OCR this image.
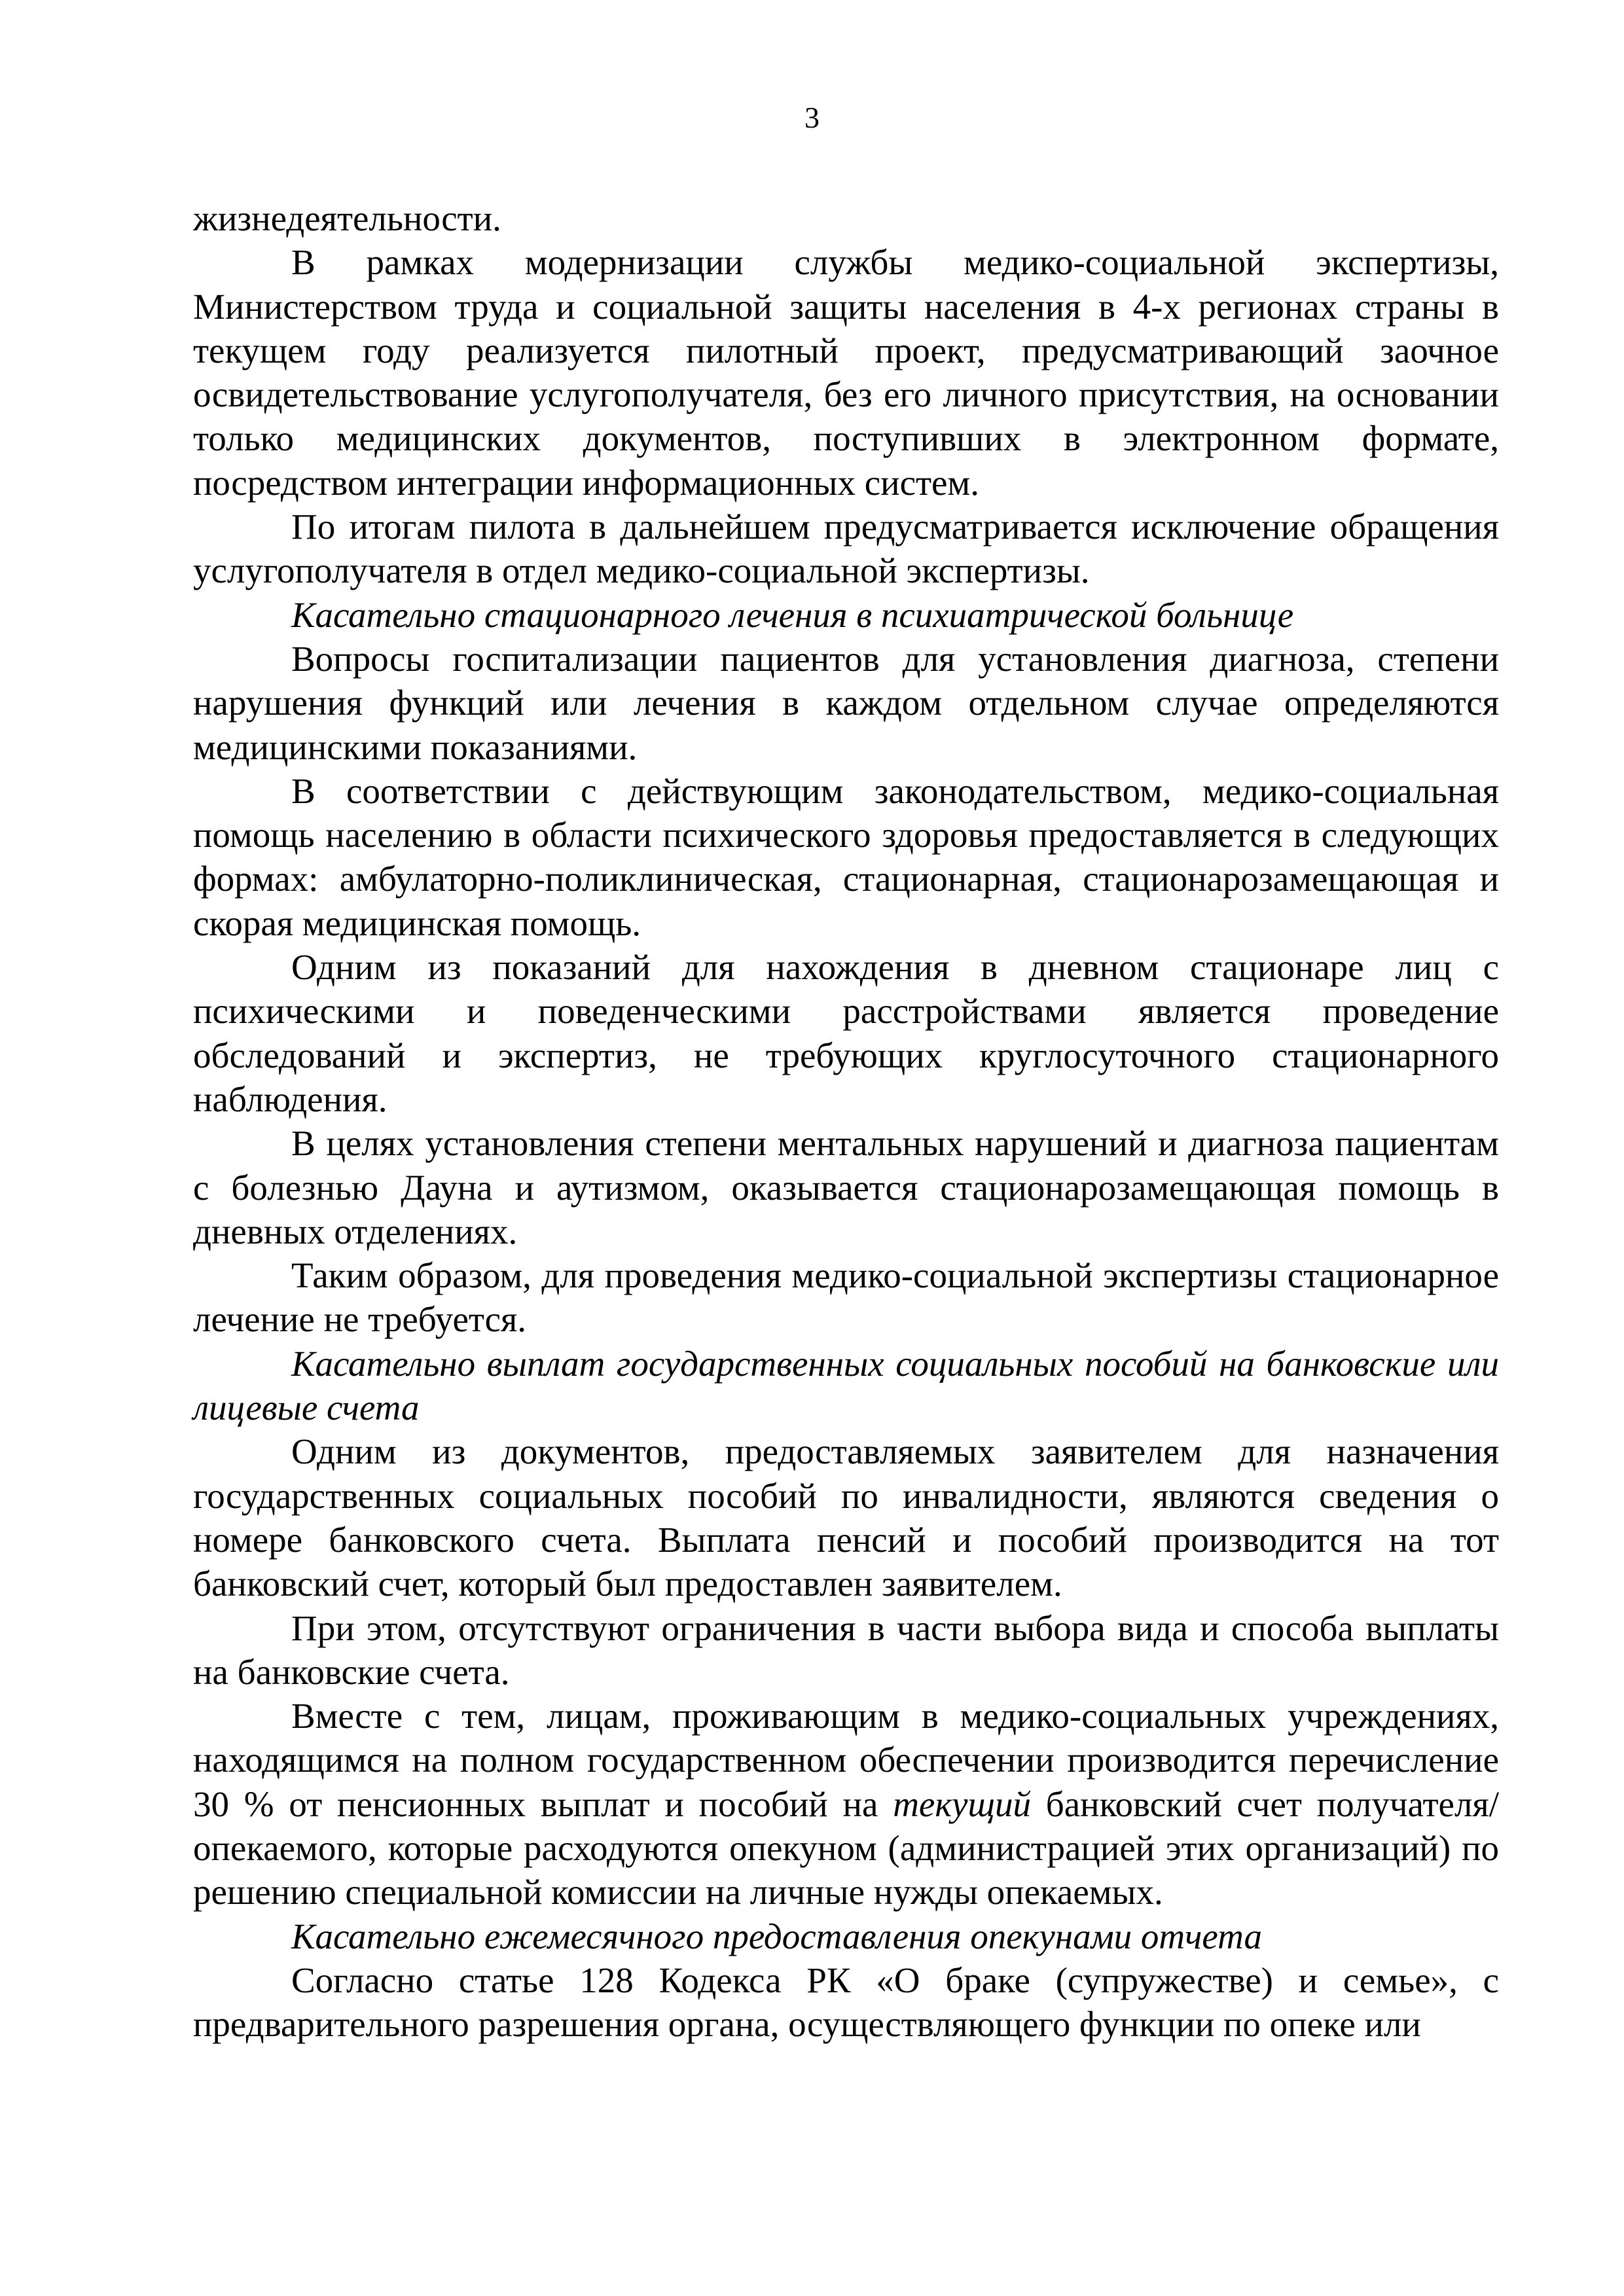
3

жизнедеятельности.

В рамках модернизации службы медико-социальной экспертизы, Министерством труда и социальной защиты населения в 4-х регионах страны в текущем году реализуется пилотный проект, предусматривающий заочное освидетельствование услугополучателя, без его личного присутствия, на основании только медицинских документов, поступивших в электронном формате, посредством интеграции информационных систем.

По итогам пилота в дальнейшем предусматривается исключение обращения услугополучателя в отдел медико-социальной экспертизы.

Касательно стационарного лечения в психиатрической больнице

Вопросы госпитализации пациентов для установления диагноза, степени нарушения функций или лечения в каждом отдельном случае определяются медицинскими показаниями.

В соответствии с действующим законодательством, медико-социальная помощь населению в области психического здоровья предоставляется в следующих формах: амбулаторно-поликлиническая, стационарная, стационарозамещающая и скорая медицинская помощь.

Одним из показаний для нахождения в дневном стационаре лиц с психическими и поведенческими расстройствами является проведение обследований и экспертиз, не требующих круглосуточного стационарного наблюдения.

В целях установления степени ментальных нарушений и диагноза пациентам с болезнью Дауна и аутизмом, оказывается стационарозамещающая помощь в дневных отделениях.

Таким образом, для проведения медико-социальной экспертизы стационарное лечение не требуется.

Касательно выплат государственных социальных пособий на банковские или лицевые счета

Одним из документов, предоставляемых заявителем для назначения государственных социальных пособий по инвалидности, являются сведения о номере банковского счета. Выплата пенсий и пособий производится на тот банковский счет, который был предоставлен заявителем.

При этом, отсутствуют ограничения в части выбора вида и способа выплаты на банковские счета.

Вместе с тем, лицам, проживающим в медико-социальных учреждениях, находящимся на полном государственном обеспечении производится перечисление 30 % от пенсионных выплат и пособий на текущий банковский счет получателя/опекаемого, которые расходуются опекуном (администрацией этих организаций) по решению специальной комиссии на личные нужды опекаемых.

Касательно ежемесячного предоставления опекунами отчета

Согласно статье 128 Кодекса РК «О браке (супружестве) и семье», с предварительного разрешения органа, осуществляющего функции по опеке или
